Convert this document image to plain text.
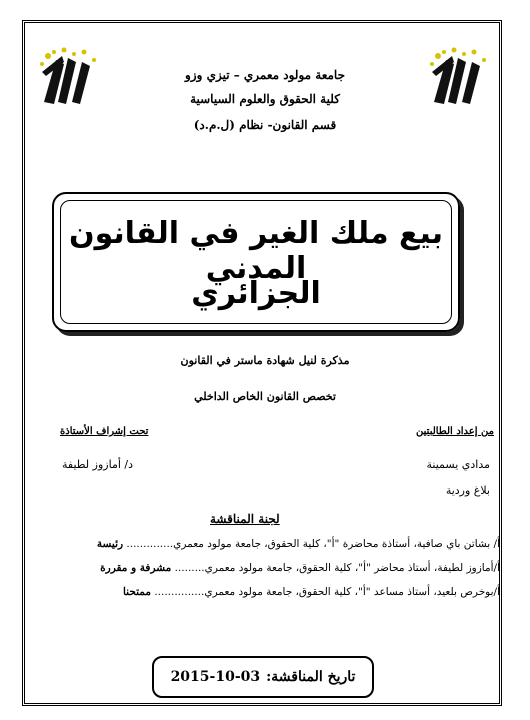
جامعة مولود معمري – تيزي وزو
كلية الحقوق والعلوم السياسية
قسم القانون- نظام (ل.م.د)
بيع ملك الغير في القانون المدني
الجزائري
مذكرة لنيل شهادة ماستر في القانون
تخصص القانون الخاص الداخلي
من إعداد الطالبتين
تحت إشراف الأستاذة
مدادي يسمينة
بلاغ وردية
د/ أمازوز لطيفة
لجنة المناقشة
أ/ بشاتن باي صافية، أستاذة محاضرة "أ"، كلية الحقوق، جامعة مولود معمري.............. رئيسة
أ/أمازوز لطيفة، أستاذ محاضر "أ"، كلية الحقوق، جامعة مولود معمري......... مشرفة و مقررة
أ/بوخرص بلعيد، أستاذ مساعد "أ"، كلية الحقوق، جامعة مولود معمري............... ممتحنا
تاريخ المناقشة:
2015-10-03
